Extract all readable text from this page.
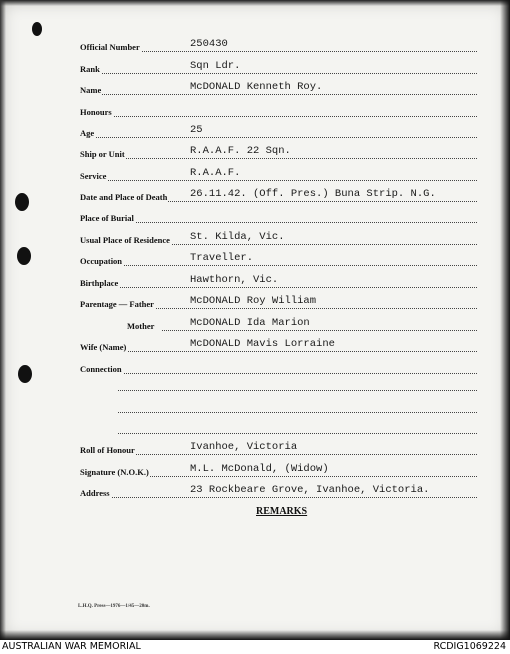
Official Number	250430
Rank	Sqn Ldr.
Name	McDONALD Kenneth Roy.
Honours
Age	25
Ship or Unit	R.A.A.F. 22 Sqn.
Service	R.A.A.F.
Date and Place of Death 26.11.42. (Off. Pres.) Buna Strip. N.G.
Place of Burial
Usual Place of Residence St. Kilda, Vic.
Occupation	Traveller.
Birthplace	Hawthorn, Vic.
Parentage — Father	McDONALD Roy William
Mother	McDONALD Ida Marion
Wife (Name)	McDONALD Mavis Lorraine
Connection
Roll of Honour	Ivanhoe, Victoria
Signature (N.O.K.)	M.L. McDonald, (Widow)
Address	23 Rockbeare Grove, Ivanhoe, Victoria.
REMARKS
L.H.Q. Press—1976—1/45—20m.
AUSTRALIAN WAR MEMORIAL	RCDIG1069224
